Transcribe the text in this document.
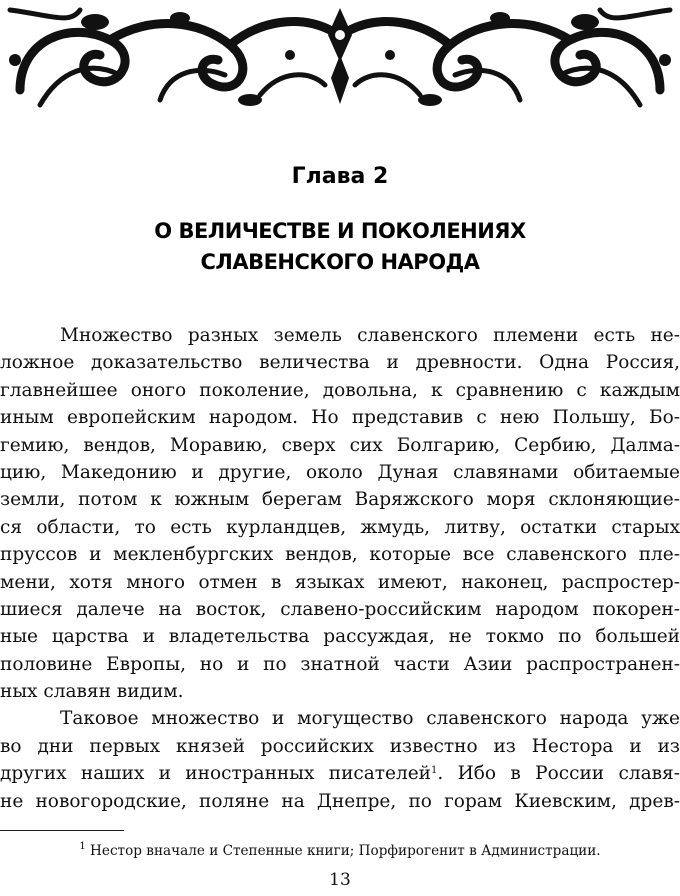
Глава 2
О ВЕЛИЧЕСТВЕ И ПОКОЛЕНИЯХ
СЛАВЕНСКОГО НАРОДА
Множество разных земель славенского племени есть не-
ложное доказательство величества и древности. Одна Россия,
главнейшее оного поколение, довольна, к сравнению с каждым
иным европейским народом. Но представив с нею Польшу, Бо-
гемию, вендов, Моравию, сверх сих Болгарию, Сербию, Далма-
цию, Македонию и другие, около Дуная славянами обитаемые
земли, потом к южным берегам Варяжского моря склоняющие-
ся области, то есть курландцев, жмудь, литву, остатки старых
пруссов и мекленбургских вендов, которые все славенского пле-
мени, хотя много отмен в языках имеют, наконец, распростер-
шиеся далече на восток, славено-российским народом покорен-
ные царства и владетельства рассуждая, не токмо по большей
половине Европы, но и по знатной части Азии распространен-
ных славян видим.
Таковое множество и могущество славенского народа уже
во дни первых князей российских известно из Нестора и из
других наших и иностранных писателей$^1$. Ибо в России славя-
не новогородские, поляне на Днепре, по горам Киевским, древ-
$^1$ Нестор вначале и Степенные книги; Порфирогенит в Администрации.
13
